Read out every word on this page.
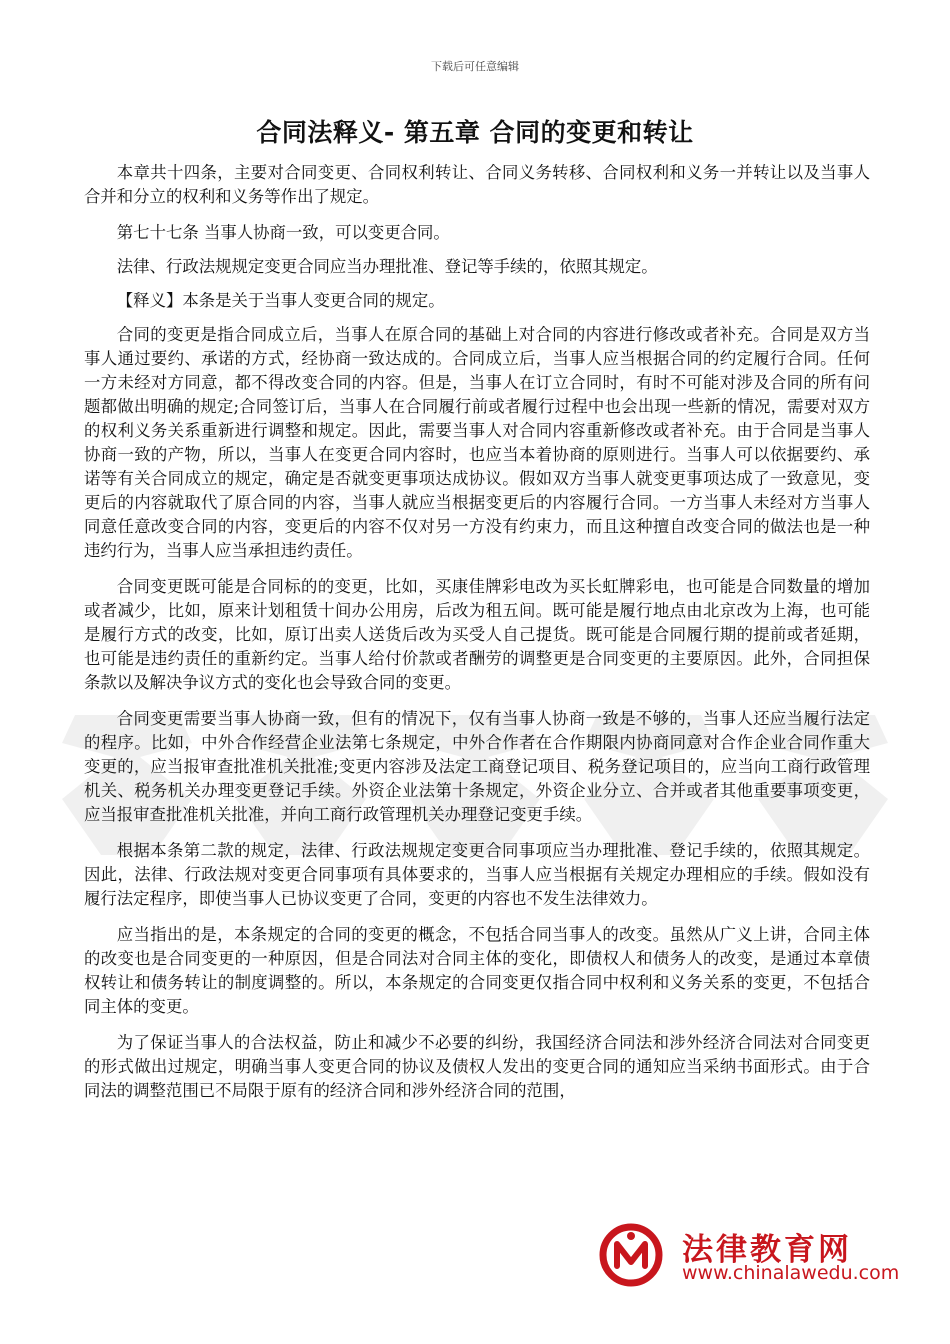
下载后可任意编辑
合同法释义- 第五章 合同的变更和转让

本章共十四条，主要对合同变更、合同权利转让、合同义务转移、合同权利和义务一并转让以及当事人合并和分立的权利和义务等作出了规定。

第七十七条 当事人协商一致，可以变更合同。

法律、行政法规规定变更合同应当办理批准、登记等手续的，依照其规定。

【释义】本条是关于当事人变更合同的规定。

合同的变更是指合同成立后，当事人在原合同的基础上对合同的内容进行修改或者补充。合同是双方当事人通过要约、承诺的方式，经协商一致达成的。合同成立后，当事人应当根据合同的约定履行合同。任何一方未经对方同意，都不得改变合同的内容。但是，当事人在订立合同时，有时不可能对涉及合同的所有问题都做出明确的规定;合同签订后，当事人在合同履行前或者履行过程中也会出现一些新的情况，需要对双方的权利义务关系重新进行调整和规定。因此，需要当事人对合同内容重新修改或者补充。由于合同是当事人协商一致的产物，所以，当事人在变更合同内容时，也应当本着协商的原则进行。当事人可以依据要约、承诺等有关合同成立的规定，确定是否就变更事项达成协议。假如双方当事人就变更事项达成了一致意见，变更后的内容就取代了原合同的内容，当事人就应当根据变更后的内容履行合同。一方当事人未经对方当事人同意任意改变合同的内容，变更后的内容不仅对另一方没有约束力，而且这种擅自改变合同的做法也是一种违约行为，当事人应当承担违约责任。

合同变更既可能是合同标的的变更，比如，买康佳牌彩电改为买长虹牌彩电，也可能是合同数量的增加或者减少，比如，原来计划租赁十间办公用房，后改为租五间。既可能是履行地点由北京改为上海，也可能是履行方式的改变，比如，原订出卖人送货后改为买受人自己提货。既可能是合同履行期的提前或者延期，也可能是违约责任的重新约定。当事人给付价款或者酬劳的调整更是合同变更的主要原因。此外，合同担保条款以及解决争议方式的变化也会导致合同的变更。

合同变更需要当事人协商一致，但有的情况下，仅有当事人协商一致是不够的，当事人还应当履行法定的程序。比如，中外合作经营企业法第七条规定，中外合作者在合作期限内协商同意对合作企业合同作重大变更的，应当报审查批准机关批准;变更内容涉及法定工商登记项目、税务登记项目的，应当向工商行政管理机关、税务机关办理变更登记手续。外资企业法第十条规定，外资企业分立、合并或者其他重要事项变更，应当报审查批准机关批准，并向工商行政管理机关办理登记变更手续。

根据本条第二款的规定，法律、行政法规规定变更合同事项应当办理批准、登记手续的，依照其规定。因此，法律、行政法规对变更合同事项有具体要求的，当事人应当根据有关规定办理相应的手续。假如没有履行法定程序，即使当事人已协议变更了合同，变更的内容也不发生法律效力。

应当指出的是，本条规定的合同的变更的概念，不包括合同当事人的改变。虽然从广义上讲，合同主体的改变也是合同变更的一种原因，但是合同法对合同主体的变化，即债权人和债务人的改变，是通过本章债权转让和债务转让的制度调整的。所以，本条规定的合同变更仅指合同中权利和义务关系的变更，不包括合同主体的变更。

为了保证当事人的合法权益，防止和减少不必要的纠纷，我国经济合同法和涉外经济合同法对合同变更的形式做出过规定，明确当事人变更合同的协议及债权人发出的变更合同的通知应当采纳书面形式。由于合同法的调整范围已不局限于原有的经济合同和涉外经济合同的范围，

法律教育网
www.chinalawedu.com
